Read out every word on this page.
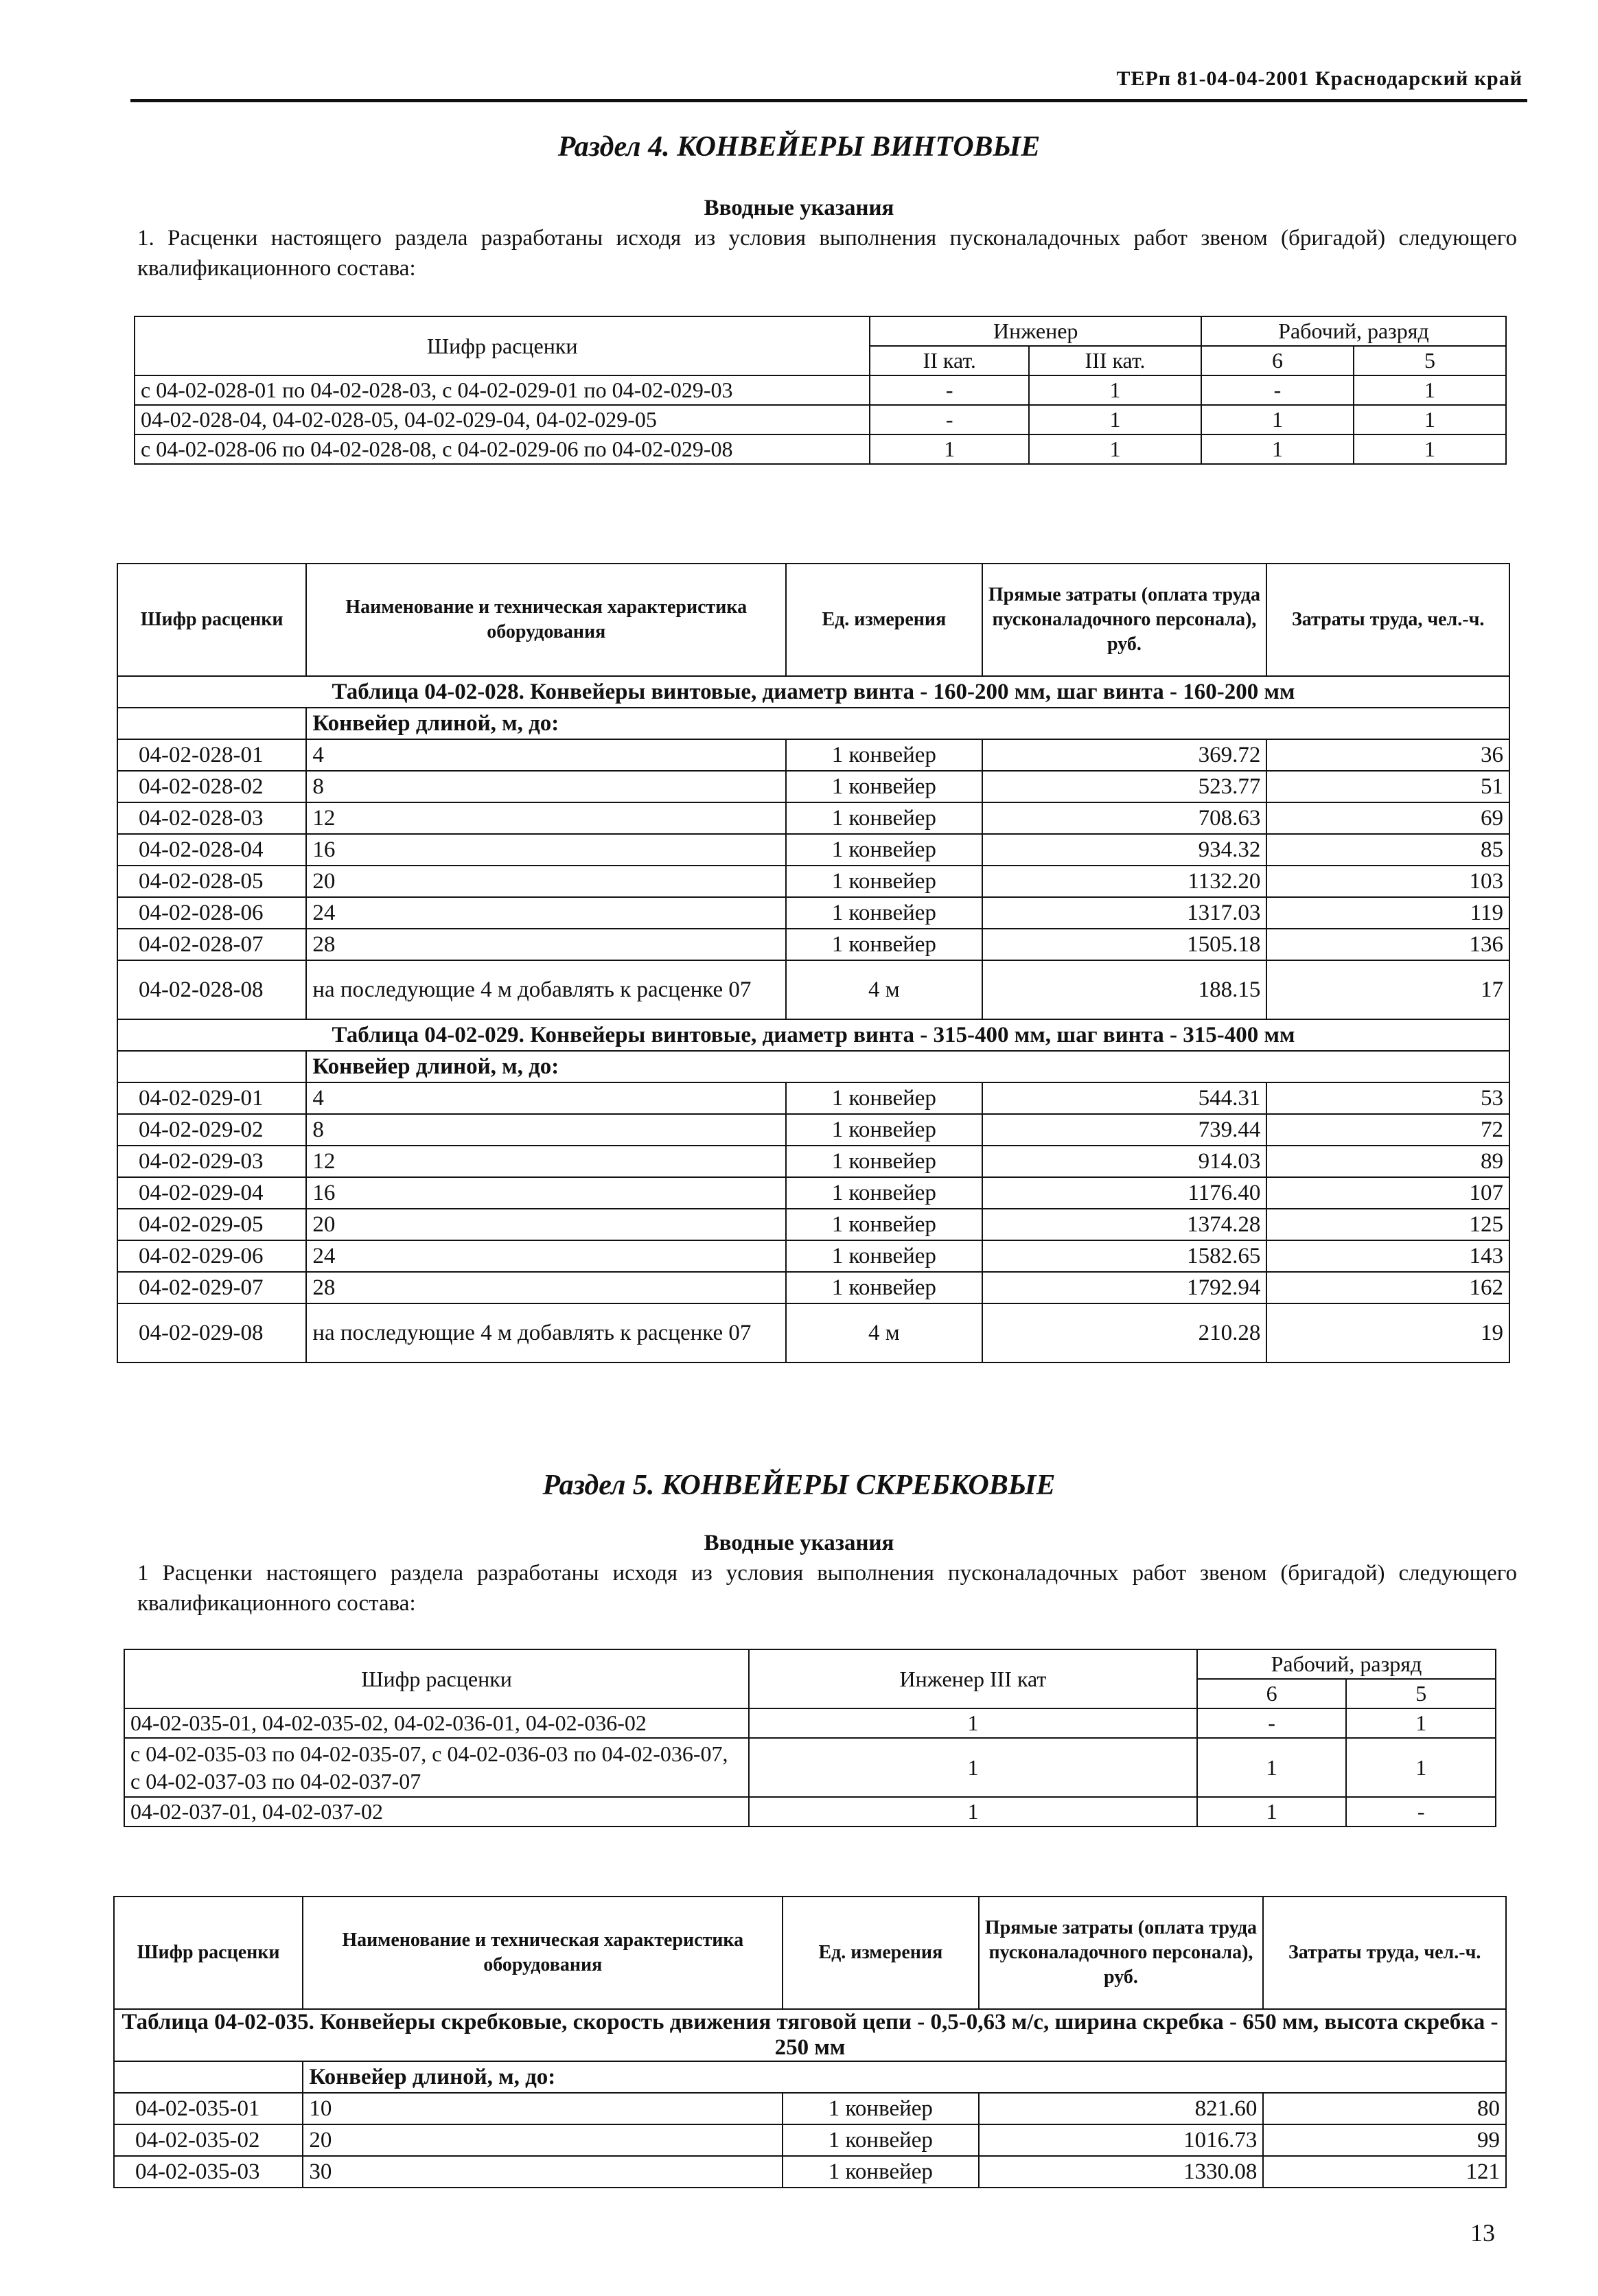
ТЕРп 81-04-04-2001 Краснодарский край
Раздел 4. КОНВЕЙЕРЫ ВИНТОВЫЕ
Вводные указания
1. Расценки настоящего раздела разработаны исходя из условия выполнения пусконаладочных работ звеном (бригадой) следующего квалификационного состава:
Шифр расценки	Инженер		Рабочий, разряд	
	II кат.	III кат.	6	5
с 04-02-028-01 по 04-02-028-03, с 04-02-029-01 по 04-02-029-03	-	1	-	1
04-02-028-04, 04-02-028-05, 04-02-029-04, 04-02-029-05	-	1	1	1
с 04-02-028-06 по 04-02-028-08, с 04-02-029-06 по 04-02-029-08	1	1	1	1
Шифр расценки	Наименование и техническая характеристика оборудования	Ед. измерения	Прямые затраты (оплата труда пусконаладочного персонала), руб.	Затраты труда, чел.-ч.
Таблица 04-02-028. Конвейеры винтовые, диаметр винта - 160-200 мм, шаг винта - 160-200 мм				
	Конвейер длиной, м, до:			
04-02-028-01	4	1 конвейер	369.72	36
04-02-028-02	8	1 конвейер	523.77	51
04-02-028-03	12	1 конвейер	708.63	69
04-02-028-04	16	1 конвейер	934.32	85
04-02-028-05	20	1 конвейер	1132.20	103
04-02-028-06	24	1 конвейер	1317.03	119
04-02-028-07	28	1 конвейер	1505.18	136
04-02-028-08	на последующие 4 м добавлять к расценке 07	4 м	188.15	17
Таблица 04-02-029. Конвейеры винтовые, диаметр винта - 315-400 мм, шаг винта - 315-400 мм				
	Конвейер длиной, м, до:			
04-02-029-01	4	1 конвейер	544.31	53
04-02-029-02	8	1 конвейер	739.44	72
04-02-029-03	12	1 конвейер	914.03	89
04-02-029-04	16	1 конвейер	1176.40	107
04-02-029-05	20	1 конвейер	1374.28	125
04-02-029-06	24	1 конвейер	1582.65	143
04-02-029-07	28	1 конвейер	1792.94	162
04-02-029-08	на последующие 4 м добавлять к расценке 07	4 м	210.28	19
Раздел 5. КОНВЕЙЕРЫ СКРЕБКОВЫЕ
Вводные указания
1 Расценки настоящего раздела разработаны исходя из условия выполнения пусконаладочных работ звеном (бригадой) следующего квалификационного состава:
Шифр расценки	Инженер III кат	Рабочий, разряд	
		6	5
04-02-035-01, 04-02-035-02, 04-02-036-01, 04-02-036-02	1	-	1
с 04-02-035-03 по 04-02-035-07, с 04-02-036-03 по 04-02-036-07, с 04-02-037-03 по 04-02-037-07	1	1	1
04-02-037-01, 04-02-037-02	1	1	-
Шифр расценки	Наименование и техническая характеристика оборудования	Ед. измерения	Прямые затраты (оплата труда пусконаладочного персонала), руб.	Затраты труда, чел.-ч.
Таблица 04-02-035. Конвейеры скребковые, скорость движения тяговой цепи - 0,5-0,63 м/с, ширина скребка - 650 мм, высота скребка - 250 мм				
	Конвейер длиной, м, до:			
04-02-035-01	10	1 конвейер	821.60	80
04-02-035-02	20	1 конвейер	1016.73	99
04-02-035-03	30	1 конвейер	1330.08	121
13
